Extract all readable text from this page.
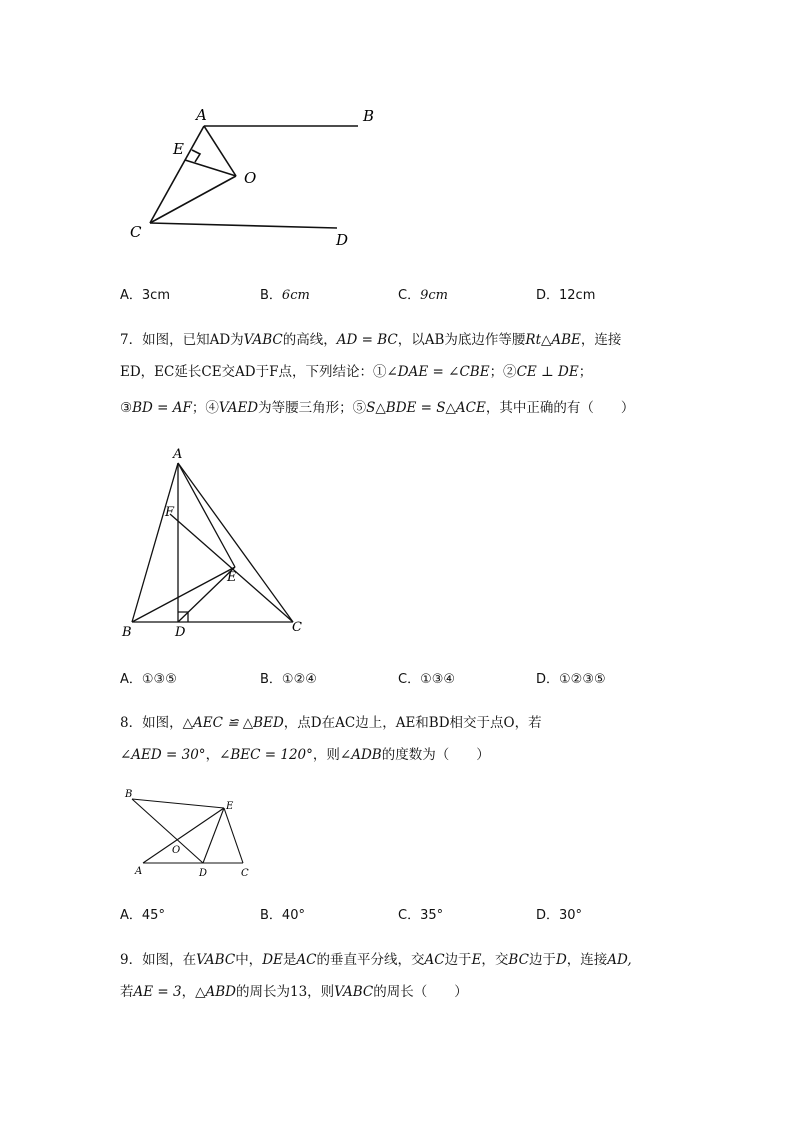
A	B
E
O
C	D
A．3cm	B．6cm	C．9cm	D．12cm
7．如图，已知AD为VABC的高线，AD = BC，以AB为底边作等腰Rt△ABE，连接
ED，EC延长CE交AD于F点，下列结论：①∠DAE = ∠CBE；②CE ⊥ DE；
③BD = AF；④VAED为等腰三角形；⑤S△BDE = S△ACE，其中正确的有（　　）
A
F
E
B	D	C
A．①③⑤	B．①②④	C．①③④	D．①②③⑤
8．如图，△AEC ≌ △BED，点D在AC边上，AE和BD相交于点O，若
∠AED = 30°，∠BEC = 120°，则∠ADB的度数为（　　）
B
E
O
A	D	C
A．45°	B．40°	C．35°	D．30°
9．如图，在VABC中，DE是AC的垂直平分线，交AC边于E，交BC边于D，连接AD,
若AE = 3，△ABD的周长为13，则VABC的周长（　　）
